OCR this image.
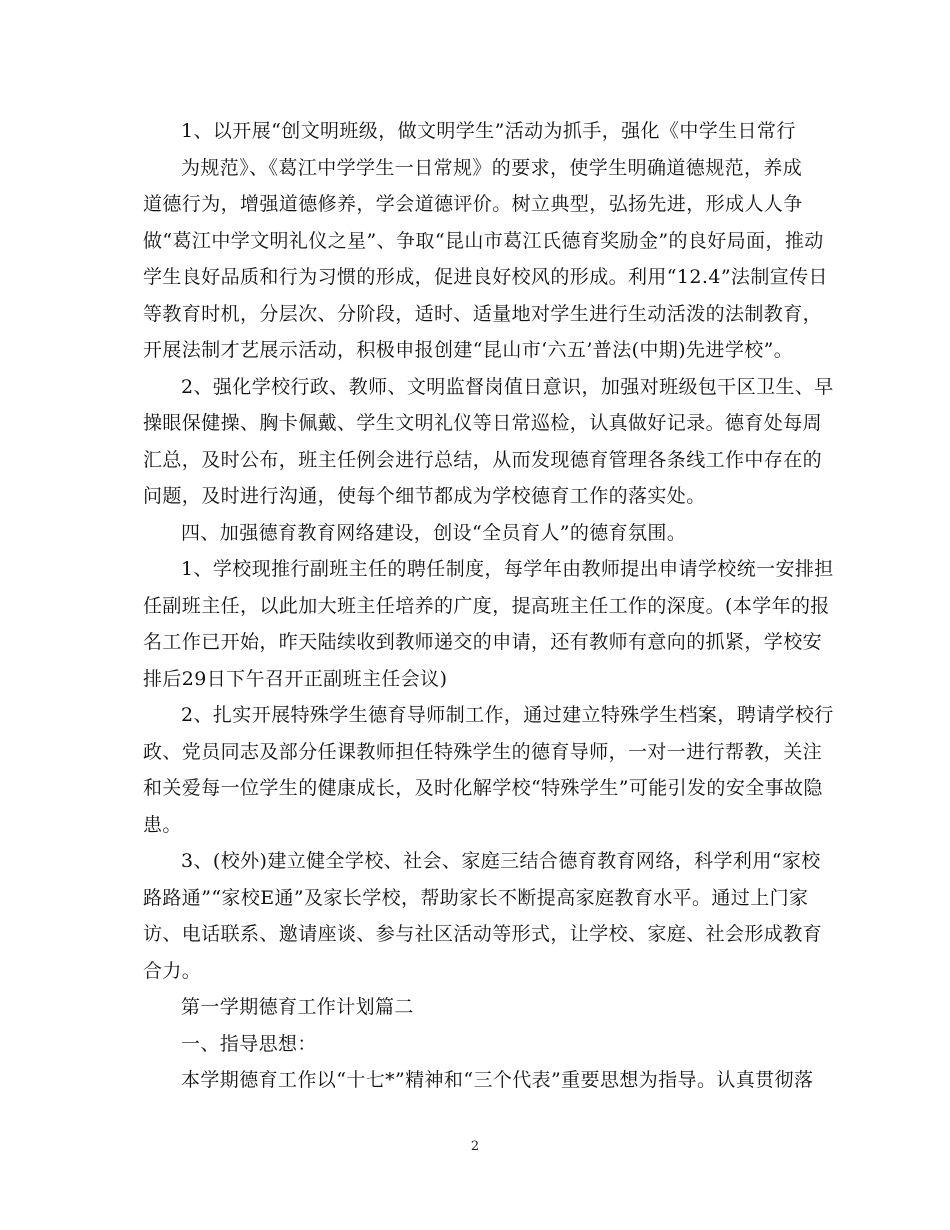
1、以开展“创文明班级，做文明学生”活动为抓手，强化《中学生日常行
为规范》、《葛江中学学生一日常规》的要求，使学生明确道德规范，养成
道德行为，增强道德修养，学会道德评价。树立典型，弘扬先进，形成人人争
做“葛江中学文明礼仪之星”、争取“昆山市葛江氏德育奖励金”的良好局面，推动
学生良好品质和行为习惯的形成，促进良好校风的形成。利用“12.4”法制宣传日
等教育时机，分层次、分阶段，适时、适量地对学生进行生动活泼的法制教育，
开展法制才艺展示活动，积极申报创建“昆山市‘六五’普法(中期)先进学校”。

2、强化学校行政、教师、文明监督岗值日意识，加强对班级包干区卫生、早
操眼保健操、胸卡佩戴、学生文明礼仪等日常巡检，认真做好记录。德育处每周
汇总，及时公布，班主任例会进行总结，从而发现德育管理各条线工作中存在的
问题，及时进行沟通，使每个细节都成为学校德育工作的落实处。

四、加强德育教育网络建设，创设“全员育人”的德育氛围。

1、学校现推行副班主任的聘任制度，每学年由教师提出申请学校统一安排担
任副班主任，以此加大班主任培养的广度，提高班主任工作的深度。(本学年的报
名工作已开始，昨天陆续收到教师递交的申请，还有教师有意向的抓紧，学校安
排后29日下午召开正副班主任会议)

2、扎实开展特殊学生德育导师制工作，通过建立特殊学生档案，聘请学校行
政、党员同志及部分任课教师担任特殊学生的德育导师，一对一进行帮教，关注
和关爱每一位学生的健康成长，及时化解学校“特殊学生”可能引发的安全事故隐
患。

3、(校外)建立健全学校、社会、家庭三结合德育教育网络，科学利用“家校
路路通”“家校E通”及家长学校，帮助家长不断提高家庭教育水平。通过上门家
访、电话联系、邀请座谈、参与社区活动等形式，让学校、家庭、社会形成教育
合力。

第一学期德育工作计划篇二

一、指导思想：

本学期德育工作以“十七*”精神和“三个代表”重要思想为指导。认真贯彻落

2
